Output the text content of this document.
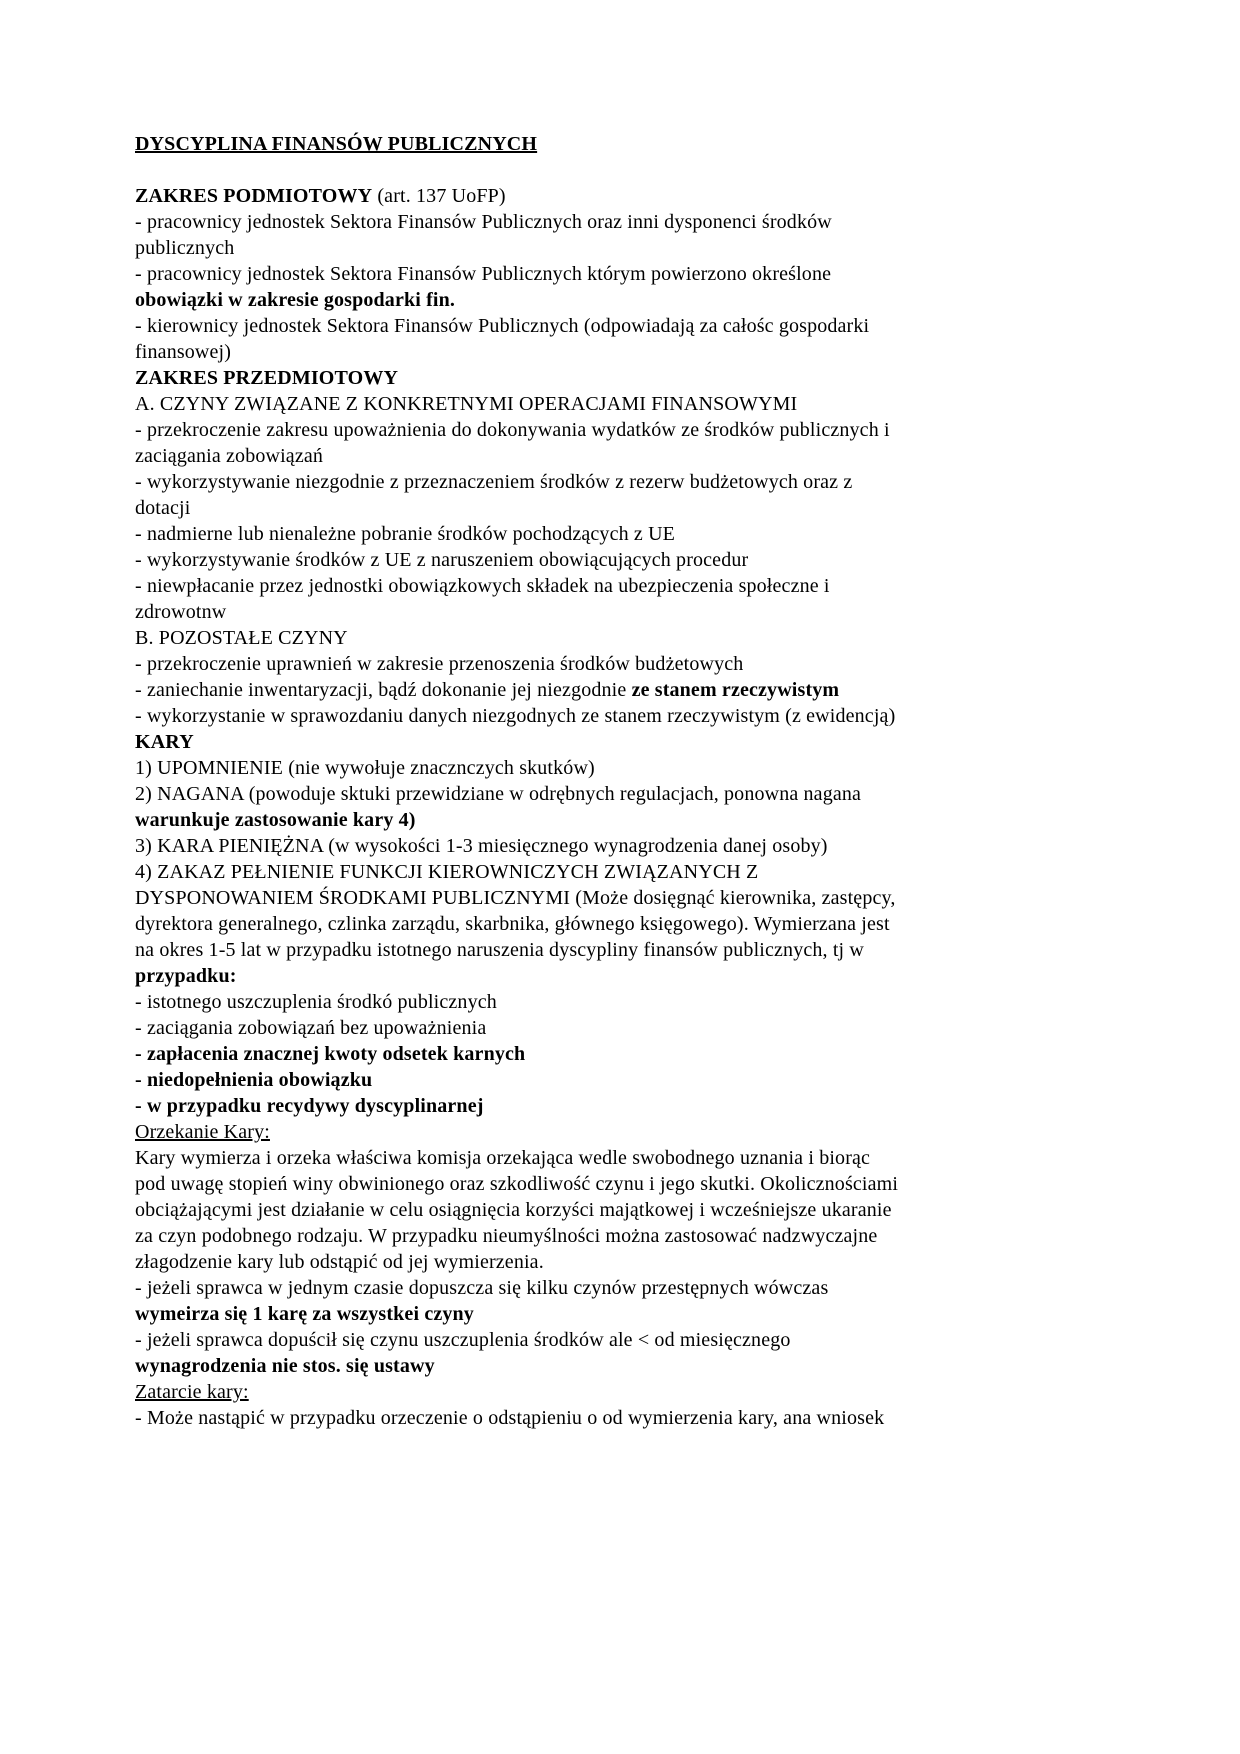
DYSCYPLINA FINANSÓW PUBLICZNYCH

ZAKRES PODMIOTOWY (art. 137 UoFP)

- pracownicy jednostek Sektora Finansów Publicznych oraz inni dysponenci środków

publicznych

- pracownicy jednostek Sektora Finansów Publicznych którym powierzono określone

obowiązki w zakresie gospodarki fin.

- kierownicy jednostek Sektora Finansów Publicznych (odpowiadają za całośc gospodarki

finansowej)

ZAKRES PRZEDMIOTOWY

A. CZYNY ZWIĄZANE Z KONKRETNYMI OPERACJAMI FINANSOWYMI

- przekroczenie zakresu upoważnienia do dokonywania wydatków ze środków publicznych i

zaciągania zobowiązań

- wykorzystywanie niezgodnie z przeznaczeniem środków z rezerw budżetowych oraz z

dotacji

- nadmierne lub nienależne pobranie środków pochodzących z UE

- wykorzystywanie środków z UE z naruszeniem obowiącujących procedur

- niewpłacanie przez jednostki obowiązkowych składek na ubezpieczenia społeczne i

zdrowotnw

B. POZOSTAŁE CZYNY

- przekroczenie uprawnień w zakresie przenoszenia środków budżetowych

- zaniechanie inwentaryzacji, bądź dokonanie jej niezgodnie ze stanem rzeczywistym

- wykorzystanie w sprawozdaniu danych niezgodnych ze stanem rzeczywistym (z ewidencją)

KARY

1) UPOMNIENIE (nie wywołuje znacznczych skutków)

2) NAGANA (powoduje sktuki przewidziane w odrębnych regulacjach, ponowna nagana

warunkuje zastosowanie kary 4)

3) KARA PIENIĘŻNA (w wysokości 1-3 miesięcznego wynagrodzenia danej osoby)

4) ZAKAZ PEŁNIENIE FUNKCJI KIEROWNICZYCH ZWIĄZANYCH Z

DYSPONOWANIEM ŚRODKAMI PUBLICZNYMI (Może dosięgnąć kierownika, zastępcy,

dyrektora generalnego, czlinka zarządu, skarbnika, głównego księgowego). Wymierzana jest

na okres 1-5 lat w przypadku istotnego naruszenia dyscypliny finansów publicznych, tj w

przypadku:

- istotnego uszczuplenia środkó publicznych

- zaciągania zobowiązań bez upoważnienia

- zapłacenia znacznej kwoty odsetek karnych

- niedopełnienia obowiązku

- w przypadku recydywy dyscyplinarnej

Orzekanie Kary:

Kary wymierza i orzeka właściwa komisja orzekająca wedle swobodnego uznania i biorąc

pod uwagę stopień winy obwinionego oraz szkodliwość czynu i jego skutki. Okolicznościami

obciążającymi jest działanie w celu osiągnięcia korzyści majątkowej i wcześniejsze ukaranie

za czyn podobnego rodzaju. W przypadku nieumyślności można zastosować nadzwyczajne

złagodzenie kary lub odstąpić od jej wymierzenia.

- jeżeli sprawca w jednym czasie dopuszcza się kilku czynów przestępnych wówczas

wymeirza się 1 karę za wszystkei czyny

- jeżeli sprawca dopuścił się czynu uszczuplenia środków ale < od miesięcznego

wynagrodzenia nie stos. się ustawy

Zatarcie kary:

- Może nastąpić w przypadku orzeczenie o odstąpieniu o od wymierzenia kary, ana wniosek
